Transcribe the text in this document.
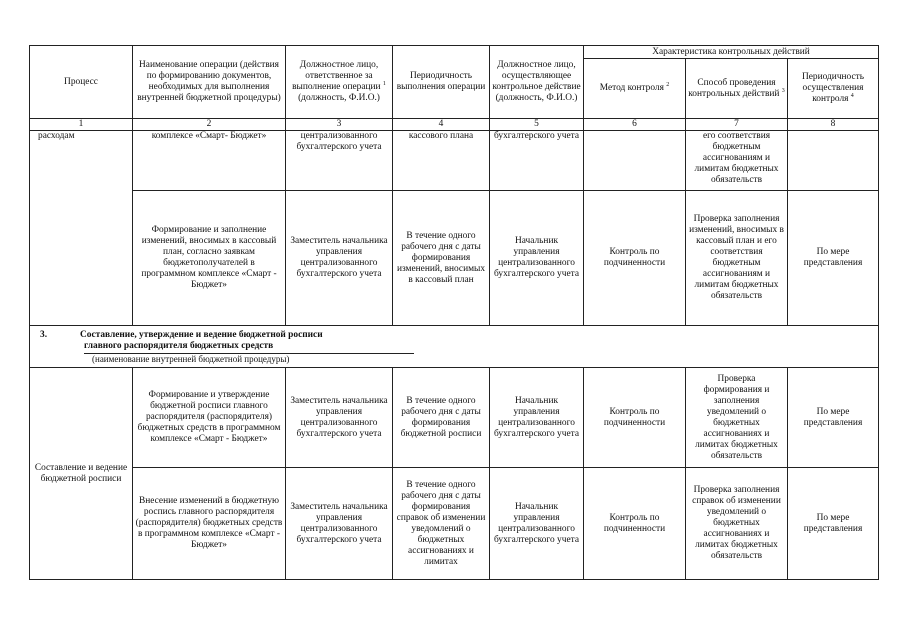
Процесс	Наименование операции (действия по формированию документов, необходимых для выполнения внутренней бюджетной процедуры)	Должностное лицо, ответственное за выполнение операции $^1$ (должность, Ф.И.О.)	Периодичность выполнения операции	Должностное лицо, осуществляющее контрольное действие (должность, Ф.И.О.)	Характеристика контрольных действий		
					Метод контроля $^2$	Способ проведения контрольных действий $^3$	Периодичность осуществления контроля $^4$
1	2	3	4	5	6	7	8
расходам	комплексе «Смарт- Бюджет»	централизованного бухгалтерского учета	кассового плана	бухгалтерского учета		его соответствия бюджетным ассигнованиям и лимитам бюджетных обязательств	
	Формирование и заполнение изменений, вносимых в кассовый план, согласно заявкам бюджетополучателей в программном комплексе «Смарт - Бюджет»	Заместитель начальника управления централизованного бухгалтерского учета	В течение одного рабочего дня с даты формирования изменений, вносимых в кассовый план	Начальник управления централизованного бухгалтерского учета	Контроль по подчиненности	Проверка заполнения изменений, вносимых в кассовый план и его соответствия бюджетным ассигнованиям и лимитам бюджетных обязательств	По мере представления
3. Составление, утверждение и ведение бюджетной росписи
главного распорядителя бюджетных средств
(наименование внутренней бюджетной процедуры)							

Составление и ведение бюджетной росписи	Формирование и утверждение бюджетной росписи главного распорядителя (распорядителя) бюджетных средств в программном комплексе «Смарт - Бюджет»	Заместитель начальника управления централизованного бухгалтерского учета	В течение одного рабочего дня с даты формирования бюджетной росписи	Начальник управления централизованного бухгалтерского учета	Контроль по подчиненности	Проверка формирования и заполнения уведомлений о бюджетных ассигнованиях и лимитах бюджетных обязательств	По мере представления
	Внесение изменений в бюджетную роспись главного распорядителя (распорядителя) бюджетных средств в программном комплексе «Смарт - Бюджет»	Заместитель начальника управления централизованного бухгалтерского учета	В течение одного рабочего дня с даты формирования справок об изменении уведомлений о бюджетных ассигнованиях и лимитах	Начальник управления централизованного бухгалтерского учета	Контроль по подчиненности	Проверка заполнения справок об изменении уведомлений о бюджетных ассигнованиях и лимитах бюджетных обязательств	По мере представления
